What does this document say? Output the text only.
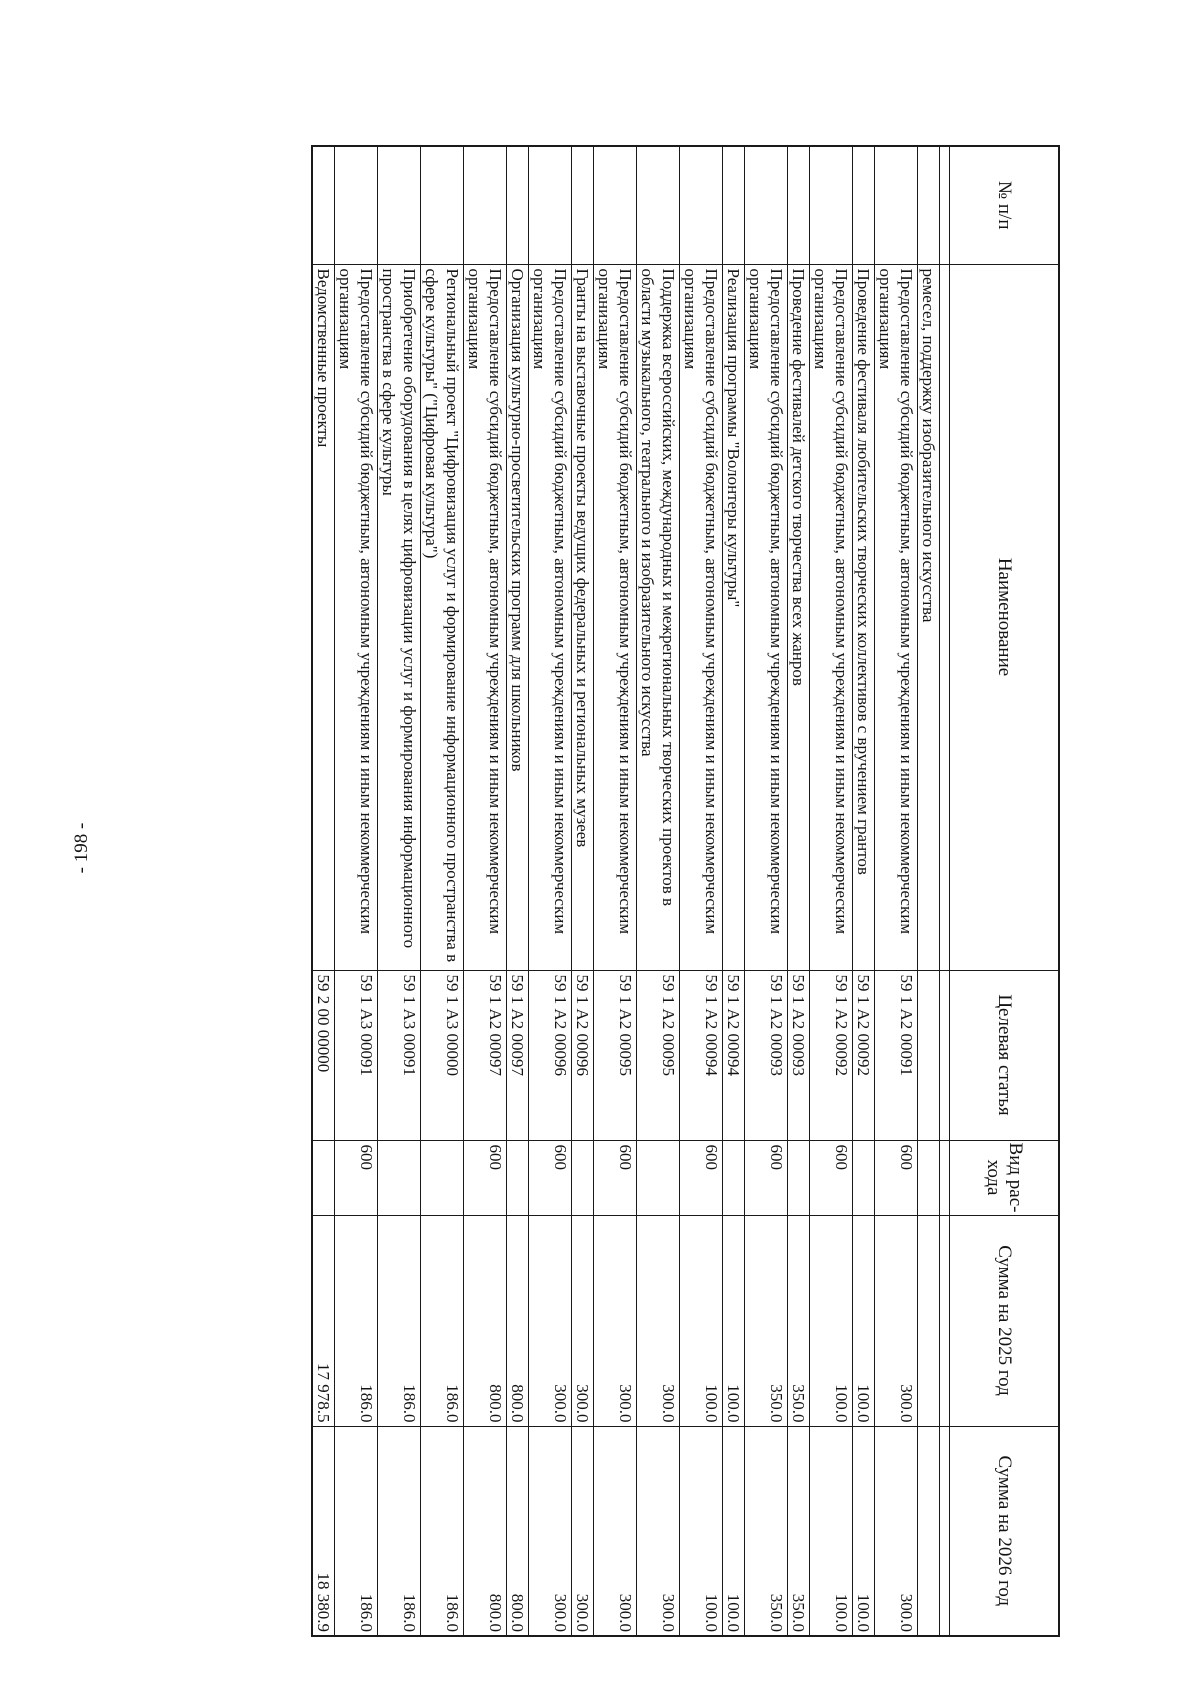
- 198 -
№ п/п	Наименование	Целевая статья	Вид рас- хода	Сумма на 2025 год	Сумма на 2026 год

	ремесел, поддержку изобразительного искусства				
	Предоставление субсидий бюджетным, автономным учреждениям и иным некоммерческим организациям	59 1 А2 00091	600	300.0	300.0
	Проведение фестиваля любительских творческих коллективов с вручением грантов	59 1 А2 00092		100.0	100.0
	Предоставление субсидий бюджетным, автономным учреждениям и иным некоммерческим организациям	59 1 А2 00092	600	100.0	100.0
	Проведение фестивалей детского творчества всех жанров	59 1 А2 00093		350.0	350.0
	Предоставление субсидий бюджетным, автономным учреждениям и иным некоммерческим организациям	59 1 А2 00093	600	350.0	350.0
	Реализация программы "Волонтеры культуры"	59 1 А2 00094		100.0	100.0
	Предоставление субсидий бюджетным, автономным учреждениям и иным некоммерческим организациям	59 1 А2 00094	600	100.0	100.0
	Поддержка всероссийских, международных и межрегиональных творческих проектов в области музыкального, театрального и изобразительного искусства	59 1 А2 00095		300.0	300.0
	Предоставление субсидий бюджетным, автономным учреждениям и иным некоммерческим организациям	59 1 А2 00095	600	300.0	300.0
	Гранты на выставочные проекты ведущих федеральных и региональных музеев	59 1 А2 00096		300.0	300.0
	Предоставление субсидий бюджетным, автономным учреждениям и иным некоммерческим организациям	59 1 А2 00096	600	300.0	300.0
	Организация культурно-просветительских программ для школьников	59 1 А2 00097		800.0	800.0
	Предоставление субсидий бюджетным, автономным учреждениям и иным некоммерческим организациям	59 1 А2 00097	600	800.0	800.0
	Региональный проект "Цифровизация услуг и формирование информационного пространства в сфере культуры" ("Цифровая культура")	59 1 А3 00000		186.0	186.0
	Приобретение оборудования в целях цифровизации услуг и формирования информационного пространства в сфере культуры	59 1 А3 00091		186.0	186.0
	Предоставление субсидий бюджетным, автономным учреждениям и иным некоммерческим организациям	59 1 А3 00091	600	186.0	186.0
	Ведомственные проекты	59 2 00 00000		17 978.5	18 380.9
